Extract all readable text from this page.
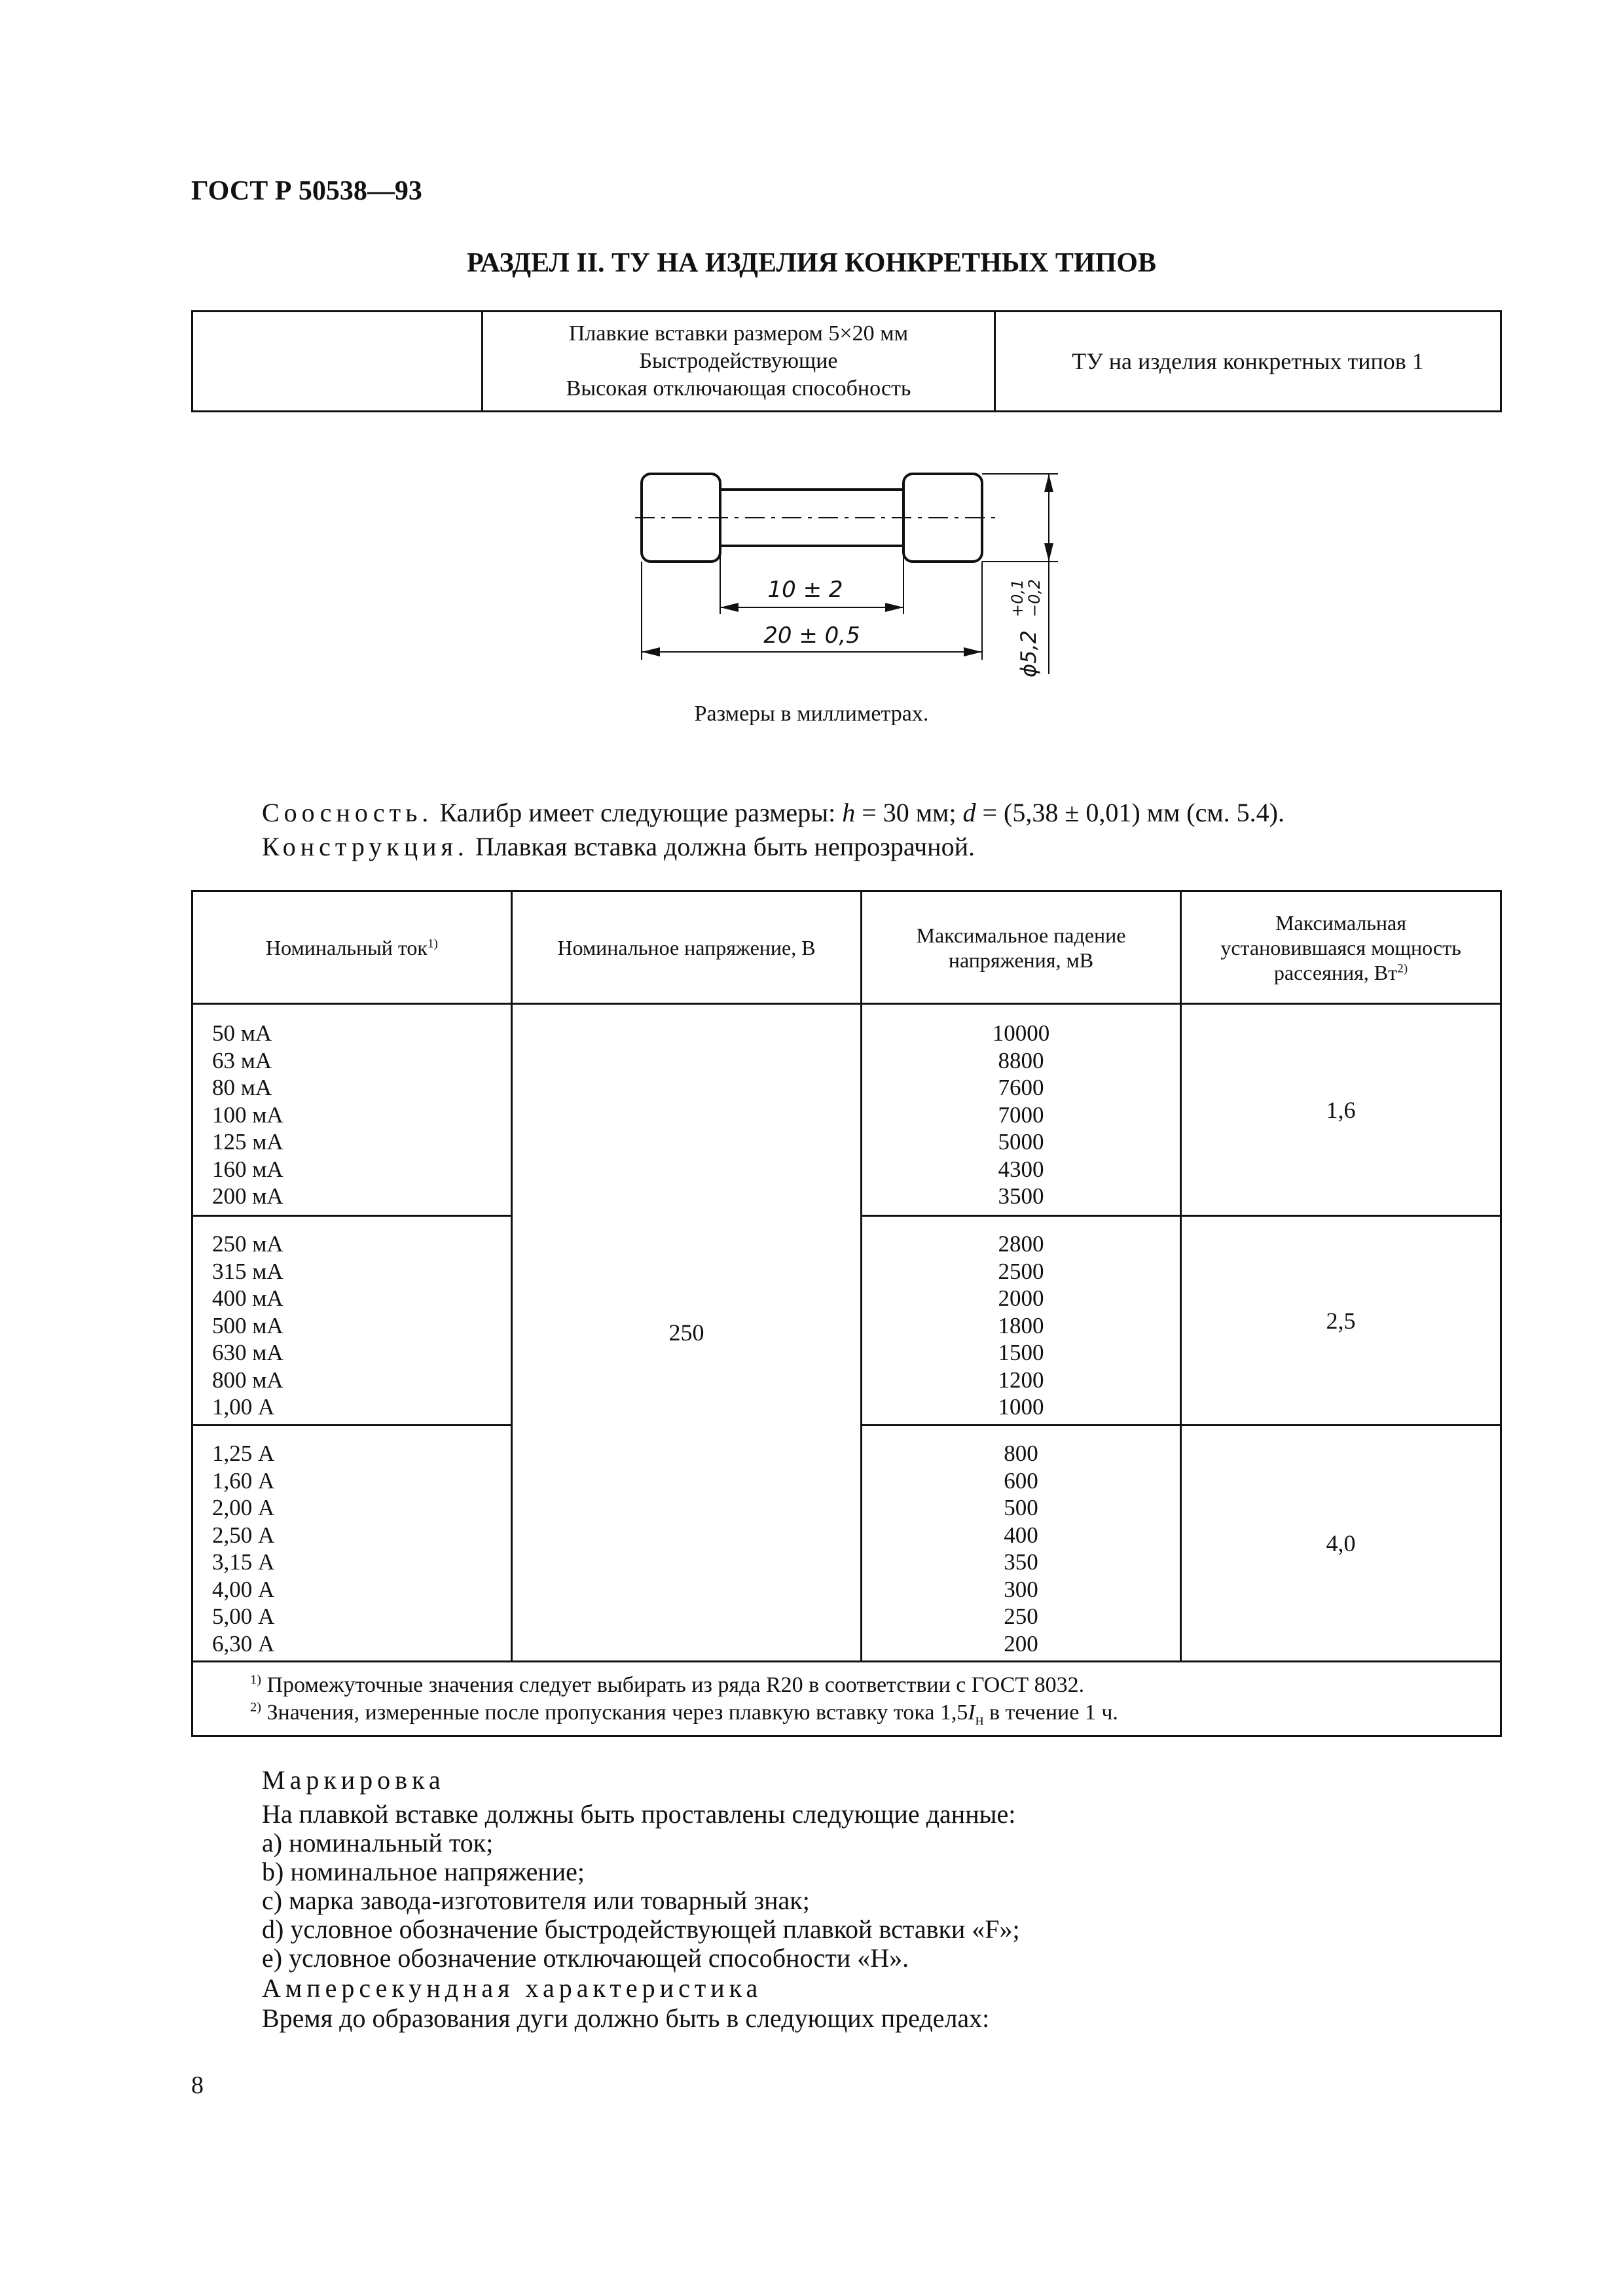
ГОСТ Р 50538—93
РАЗДЕЛ II. ТУ НА ИЗДЕЛИЯ КОНКРЕТНЫХ ТИПОВ
Плавкие вставки размером 5×20 мм
Быстродействующие
Высокая отключающая способность
ТУ на изделия конкретных типов 1
10 ± 2
20 ± 0,5	ϕ5,2
+0,1
−0,2
Размеры в миллиметрах.
Соосность. Калибр имеет следующие размеры: h = 30 мм; d = (5,38 ± 0,01) мм (см. 5.4).
Конструкция. Плавкая вставка должна быть непрозрачной.
Номинальный ток$^{1)}$	Номинальное напряжение, В
Максимальное падение
напряжения, мВ
Максимальная
установившаяся мощность
рассеяния, $Вт^{2)}$
250
50 мА
63 мА
80 мА
100 мА
125 мА
160 мА
200 мА
10000
8800
7600
7000
5000
4300
3500
1,6
250 мА
315 мА
400 мА
500 мА
630 мА
800 мА
1,00 А
2800
2500
2000
1800
1500
1200
1000
2,5
1,25 А
1,60 А
2,00 А
2,50 А
3,15 А
4,00 А
5,00 А
6,30 А
800
600
500
400
350
300
250
200
4,0
$^{1)}$ Промежуточные значения следует выбирать из ряда R20 в соответствии с ГОСТ 8032.
$^{2)}$ Значения, измеренные после пропускания через плавкую вставку тока $1,5I_н$ в течение 1 ч.
Маркировка
На плавкой вставке должны быть проставлены следующие данные:
a) номинальный ток;
b) номинальное напряжение;
c) марка завода-изготовителя или товарный знак;
d) условное обозначение быстродействующей плавкой вставки «F»;
e) условное обозначение отключающей способности «H».
Амперсекундная характеристика
Время до образования дуги должно быть в следующих пределах:
8
